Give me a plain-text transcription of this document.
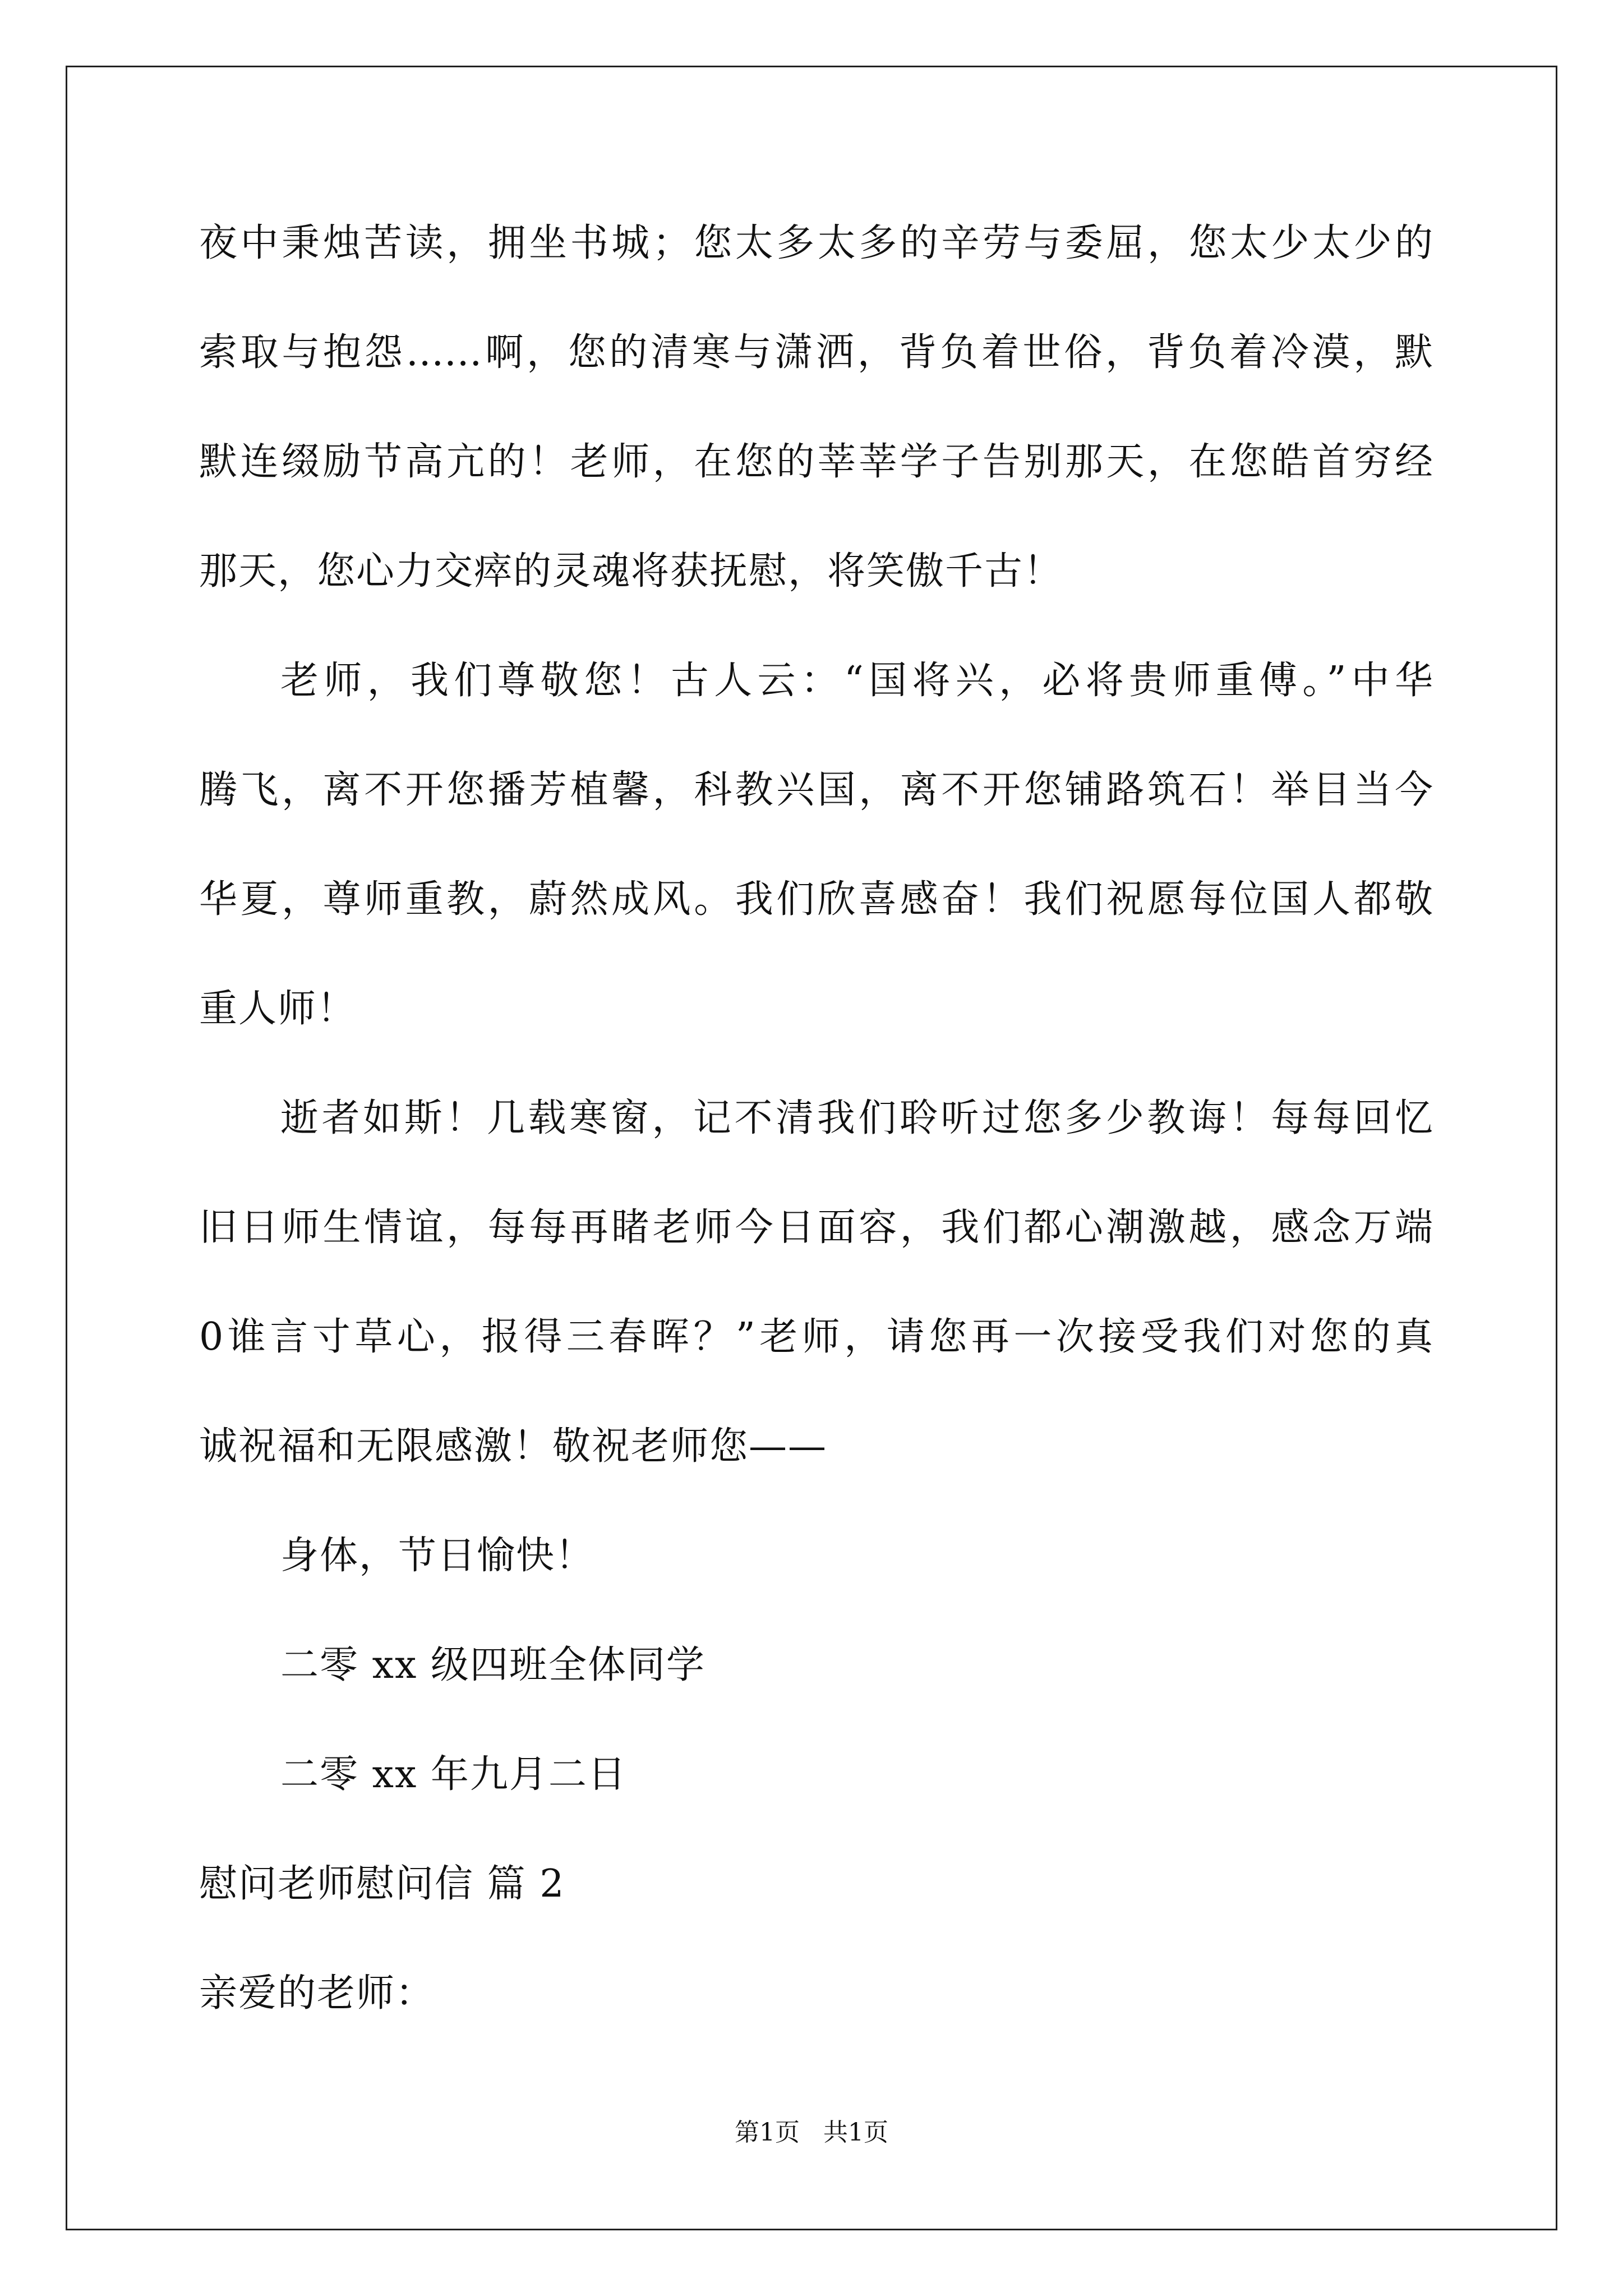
夜中秉烛苦读，拥坐书城；您太多太多的辛劳与委屈，您太少太少的
索取与抱怨……啊，您的清寒与潇洒，背负着世俗，背负着冷漠，默
默连缀励节高亢的！老师，在您的莘莘学子告别那天，在您皓首穷经
那天，您心力交瘁的灵魂将获抚慰，将笑傲千古！
老师，我们尊敬您！古人云：“国将兴，必将贵师重傅。”中华
腾飞，离不开您播芳植馨，科教兴国，离不开您铺路筑石！举目当今
华夏，尊师重教，蔚然成风。我们欣喜感奋！我们祝愿每位国人都敬
重人师！
逝者如斯！几载寒窗，记不清我们聆听过您多少教诲！每每回忆
旧日师生情谊，每每再睹老师今日面容，我们都心潮激越，感念万端
0谁言寸草心，报得三春晖？”老师，请您再一次接受我们对您的真
诚祝福和无限感激！敬祝老师您——
身体，节日愉快！
二零 xx 级四班全体同学
二零 xx 年九月二日
慰问老师慰问信 篇 2
亲爱的老师：
第1页   共1页
